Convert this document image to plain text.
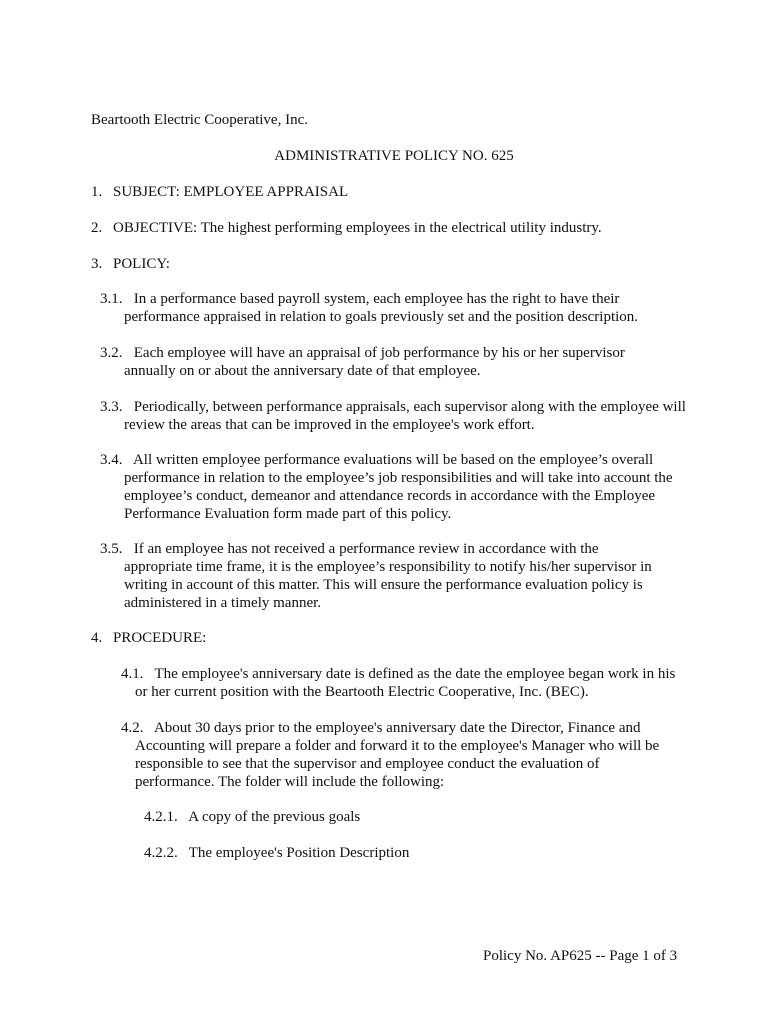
Beartooth Electric Cooperative, Inc.
ADMINISTRATIVE POLICY NO. 625
1. SUBJECT: EMPLOYEE APPRAISAL
2. OBJECTIVE: The highest performing employees in the electrical utility industry.
3. POLICY:
3.1. In a performance based payroll system, each employee has the right to have their performance appraised in relation to goals previously set and the position description.
3.2. Each employee will have an appraisal of job performance by his or her supervisor annually on or about the anniversary date of that employee.
3.3. Periodically, between performance appraisals, each supervisor along with the employee will review the areas that can be improved in the employee's work effort.
3.4. All written employee performance evaluations will be based on the employee’s overall performance in relation to the employee’s job responsibilities and will take into account the employee’s conduct, demeanor and attendance records in accordance with the Employee Performance Evaluation form made part of this policy.
3.5. If an employee has not received a performance review in accordance with the appropriate time frame, it is the employee’s responsibility to notify his/her supervisor in writing in account of this matter. This will ensure the performance evaluation policy is administered in a timely manner.
4. PROCEDURE:
4.1. The employee's anniversary date is defined as the date the employee began work in his or her current position with the Beartooth Electric Cooperative, Inc. (BEC).
4.2. About 30 days prior to the employee's anniversary date the Director, Finance and Accounting will prepare a folder and forward it to the employee's Manager who will be responsible to see that the supervisor and employee conduct the evaluation of performance. The folder will include the following:
4.2.1. A copy of the previous goals
4.2.2. The employee's Position Description
Policy No. AP625 -- Page 1 of 3
